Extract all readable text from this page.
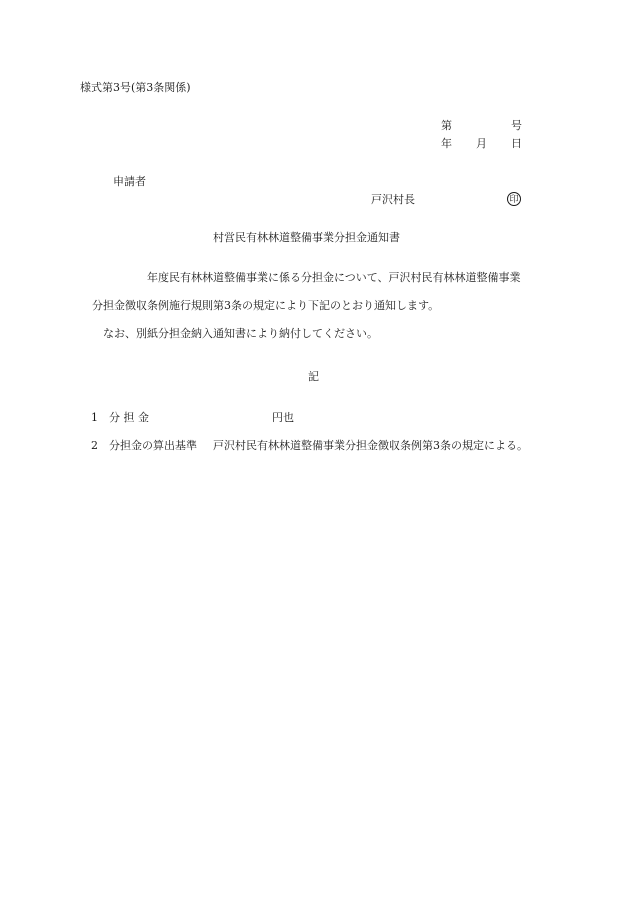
様式第3号(第3条関係)
第	号
年 月 日
申請者
戸沢村長	印
村営民有林林道整備事業分担金通知書
年度民有林林道整備事業に係る分担金について、戸沢村民有林林道整備事業
分担金徴収条例施行規則第3条の規定により下記のとおり通知します。
なお、別紙分担金納入通知書により納付してください。
記
1 分 担 金	円也
2 分担金の算出基準 戸沢村民有林林道整備事業分担金徴収条例第3条の規定による。
